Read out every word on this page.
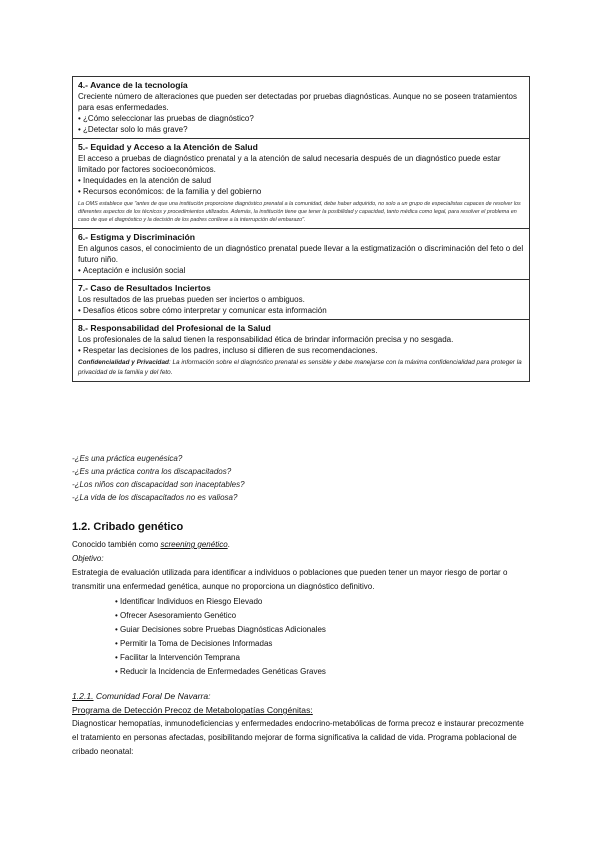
4.- Avance de la tecnología

Creciente número de alteraciones que pueden ser detectadas por pruebas diagnósticas. Aunque no se poseen tratamientos para esas enfermedades.

• ¿Cómo seleccionar las pruebas de diagnóstico?

• ¿Detectar solo lo más grave?

5.- Equidad y Acceso a la Atención de Salud

El acceso a pruebas de diagnóstico prenatal y a la atención de salud necesaria después de un diagnóstico puede estar limitado por factores socioeconómicos.

• Inequidades en la atención de salud

• Recursos económicos: de la familia y del gobierno

La OMS establece que "antes de que una institución proporcione diagnóstico prenatal a la comunidad, debe haber adquirido, no solo a un grupo de especialistas capaces de resolver los diferentes aspectos de los técnicos y procedimientos utilizados. Además, la institución tiene que tener la posibilidad y capacidad, tanto médica como legal, para resolver el problema en caso de que el diagnóstico y la decisión de los padres conlleve a la interrupción del embarazo".

6.- Estigma y Discriminación

En algunos casos, el conocimiento de un diagnóstico prenatal puede llevar a la estigmatización o discriminación del feto o del futuro niño.

• Aceptación e inclusión social

7.- Caso de Resultados Inciertos

Los resultados de las pruebas pueden ser inciertos o ambiguos.

• Desafíos éticos sobre cómo interpretar y comunicar esta información

8.- Responsabilidad del Profesional de la Salud

Los profesionales de la salud tienen la responsabilidad ética de brindar información precisa y no sesgada.

• Respetar las decisiones de los padres, incluso si difieren de sus recomendaciones.

Confidencialidad y Privacidad: La información sobre el diagnóstico prenatal es sensible y debe manejarse con la máxima confidencialidad para proteger la privacidad de la familia y del feto.

-¿Es una práctica eugenésica?

-¿Es una práctica contra los discapacitados?

-¿Los niños con discapacidad son inaceptables?

-¿La vida de los discapacitados no es valiosa?

1.2. Cribado genético

Conocido también como screening genético.

Objetivo:

Estrategia de evaluación utilizada para identificar a individuos o poblaciones que pueden tener un mayor riesgo de portar o transmitir una enfermedad genética, aunque no proporciona un diagnóstico definitivo.

• Identificar Individuos en Riesgo Elevado
• Ofrecer Asesoramiento Genético
• Guiar Decisiones sobre Pruebas Diagnósticas Adicionales
• Permitir la Toma de Decisiones Informadas
• Facilitar la Intervención Temprana
• Reducir la Incidencia de Enfermedades Genéticas Graves

1.2.1. Comunidad Foral De Navarra:

Programa de Detección Precoz de Metabolopatías Congénitas:

Diagnosticar hemopatías, inmunodeficiencias y enfermedades endocrino-metabólicas de forma precoz e instaurar precozmente el tratamiento en personas afectadas, posibilitando mejorar de forma significativa la calidad de vida. Programa poblacional de cribado neonatal:
